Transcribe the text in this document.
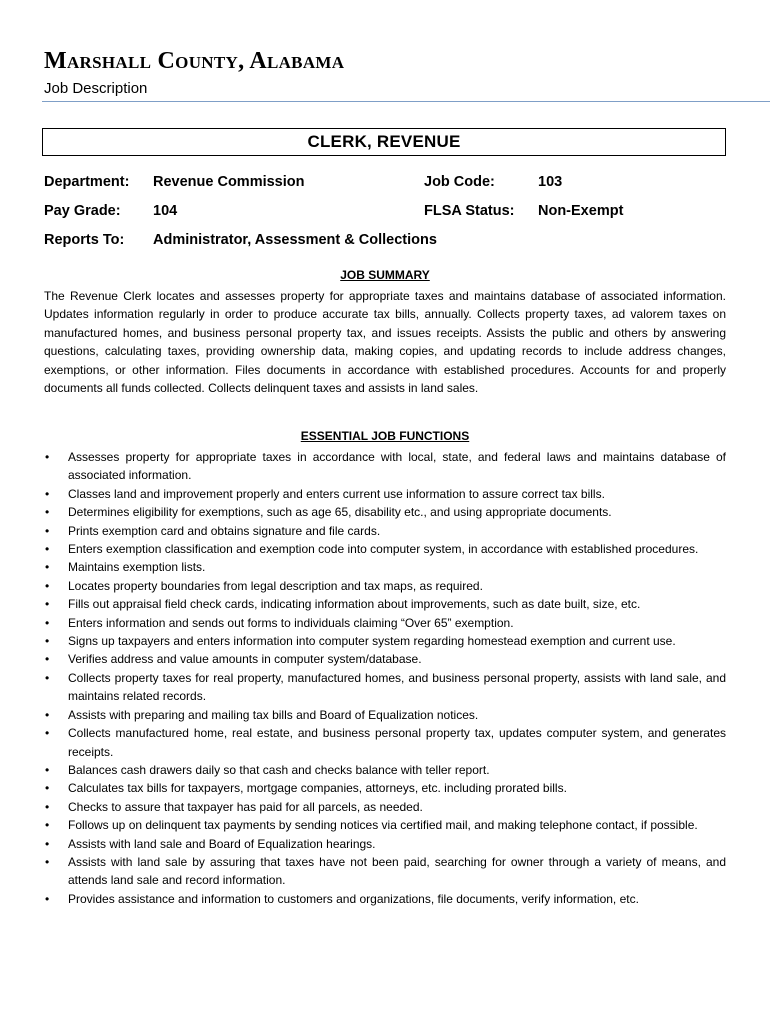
Marshall County, Alabama
Job Description
CLERK, REVENUE
Department: Revenue Commission	Job Code:	103
Pay Grade: 104	FLSA Status: Non-Exempt
Reports To: Administrator, Assessment & Collections
JOB SUMMARY

The Revenue Clerk locates and assesses property for appropriate taxes and maintains database of associated information. Updates information regularly in order to produce accurate tax bills, annually. Collects property taxes, ad valorem taxes on manufactured homes, and business personal property tax, and issues receipts. Assists the public and others by answering questions, calculating taxes, providing ownership data, making copies, and updating records to include address changes, exemptions, or other information. Files documents in accordance with established procedures. Accounts for and properly documents all funds collected. Collects delinquent taxes and assists in land sales.

ESSENTIAL JOB FUNCTIONS
• Assesses property for appropriate taxes in accordance with local, state, and federal laws and maintains database of associated information.
• Classes land and improvement properly and enters current use information to assure correct tax bills.
• Determines eligibility for exemptions, such as age 65, disability etc., and using appropriate documents.
• Prints exemption card and obtains signature and file cards.
• Enters exemption classification and exemption code into computer system, in accordance with established procedures.
• Maintains exemption lists.
• Locates property boundaries from legal description and tax maps, as required.
• Fills out appraisal field check cards, indicating information about improvements, such as date built, size, etc.
• Enters information and sends out forms to individuals claiming “Over 65” exemption.
• Signs up taxpayers and enters information into computer system regarding homestead exemption and current use.
• Verifies address and value amounts in computer system/database.
• Collects property taxes for real property, manufactured homes, and business personal property, assists with land sale, and maintains related records.
• Assists with preparing and mailing tax bills and Board of Equalization notices.
• Collects manufactured home, real estate, and business personal property tax, updates computer system, and generates receipts.
• Balances cash drawers daily so that cash and checks balance with teller report.
• Calculates tax bills for taxpayers, mortgage companies, attorneys, etc. including prorated bills.
• Checks to assure that taxpayer has paid for all parcels, as needed.
• Follows up on delinquent tax payments by sending notices via certified mail, and making telephone contact, if possible.
• Assists with land sale and Board of Equalization hearings.
• Assists with land sale by assuring that taxes have not been paid, searching for owner through a variety of means, and attends land sale and record information.
• Provides assistance and information to customers and organizations, file documents, verify information, etc.
